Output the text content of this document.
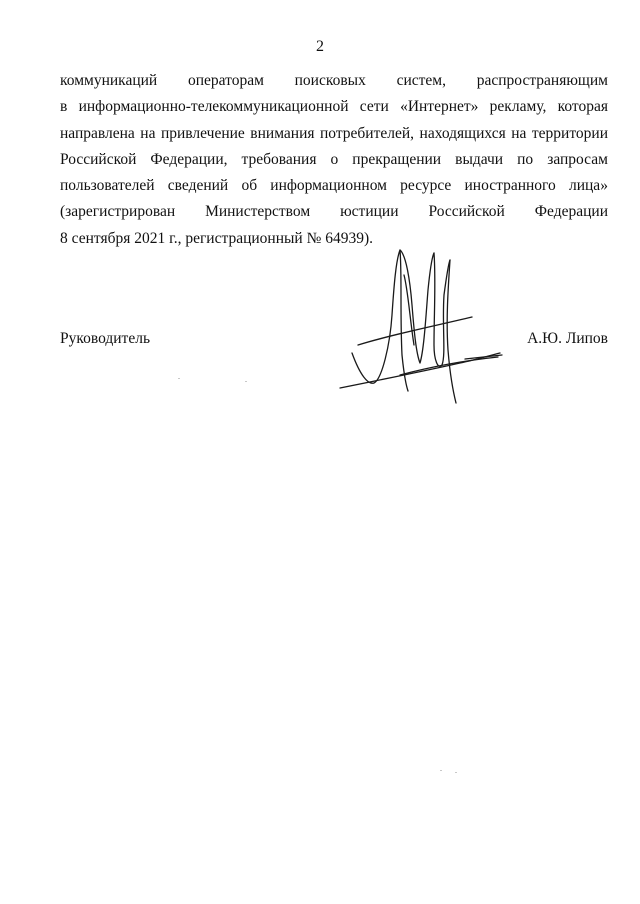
2
коммуникаций операторам поисковых систем, распространяющим
в информационно-телекоммуникационной сети «Интернет» рекламу, которая
направлена на привлечение внимания потребителей, находящихся на территории
Российской Федерации, требования о прекращении выдачи по запросам
пользователей сведений об информационном ресурсе иностранного лица»
(зарегистрирован Министерством юстиции Российской Федерации
8 сентября 2021 г., регистрационный № 64939).
Руководитель	А.Ю. Липов
